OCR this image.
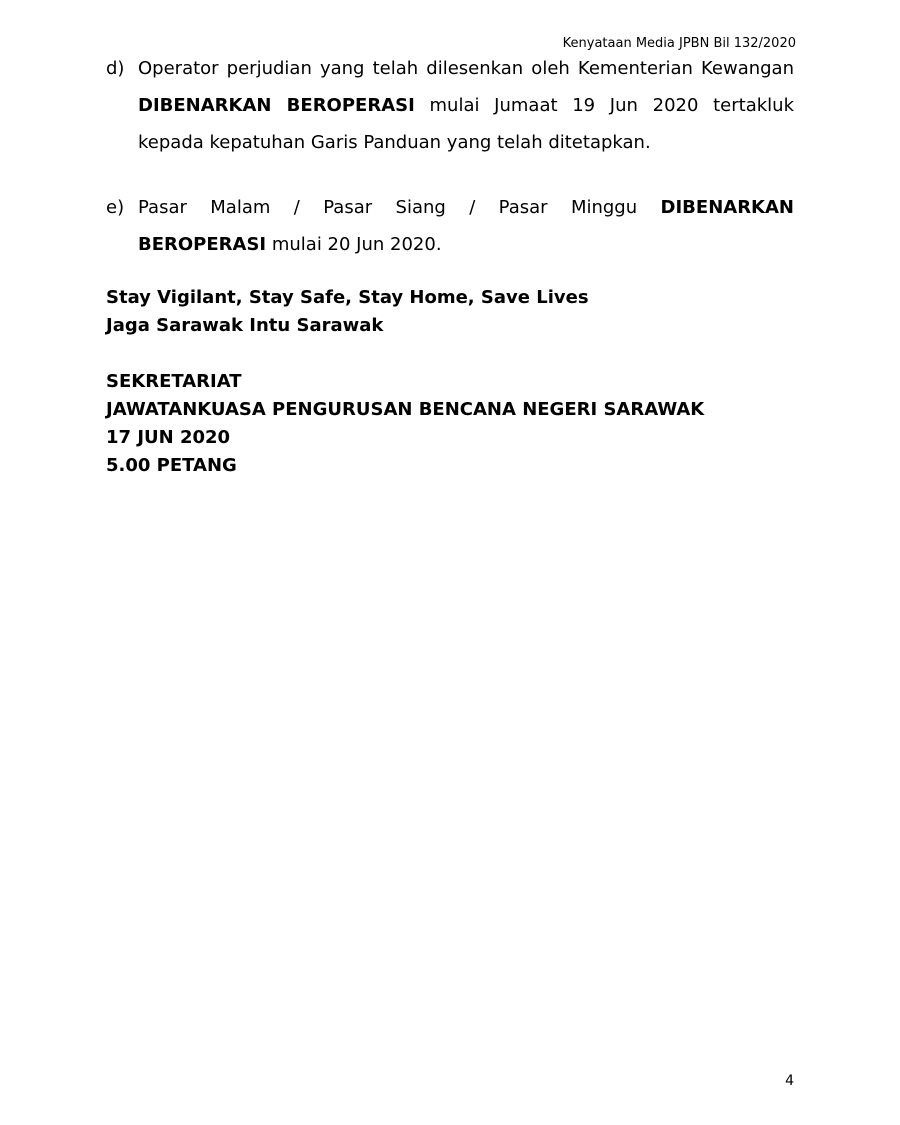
Kenyataan Media JPBN Bil 132/2020
d) Operator perjudian yang telah dilesenkan oleh Kementerian Kewangan
DIBENARKAN BEROPERASI mulai Jumaat 19 Jun 2020 tertakluk
kepada kepatuhan Garis Panduan yang telah ditetapkan.
e) Pasar Malam / Pasar Siang / Pasar Minggu DIBENARKAN
BEROPERASI mulai 20 Jun 2020.
Stay Vigilant, Stay Safe, Stay Home, Save Lives
Jaga Sarawak Intu Sarawak
SEKRETARIAT
JAWATANKUASA PENGURUSAN BENCANA NEGERI SARAWAK
17 JUN 2020
5.00 PETANG
4
